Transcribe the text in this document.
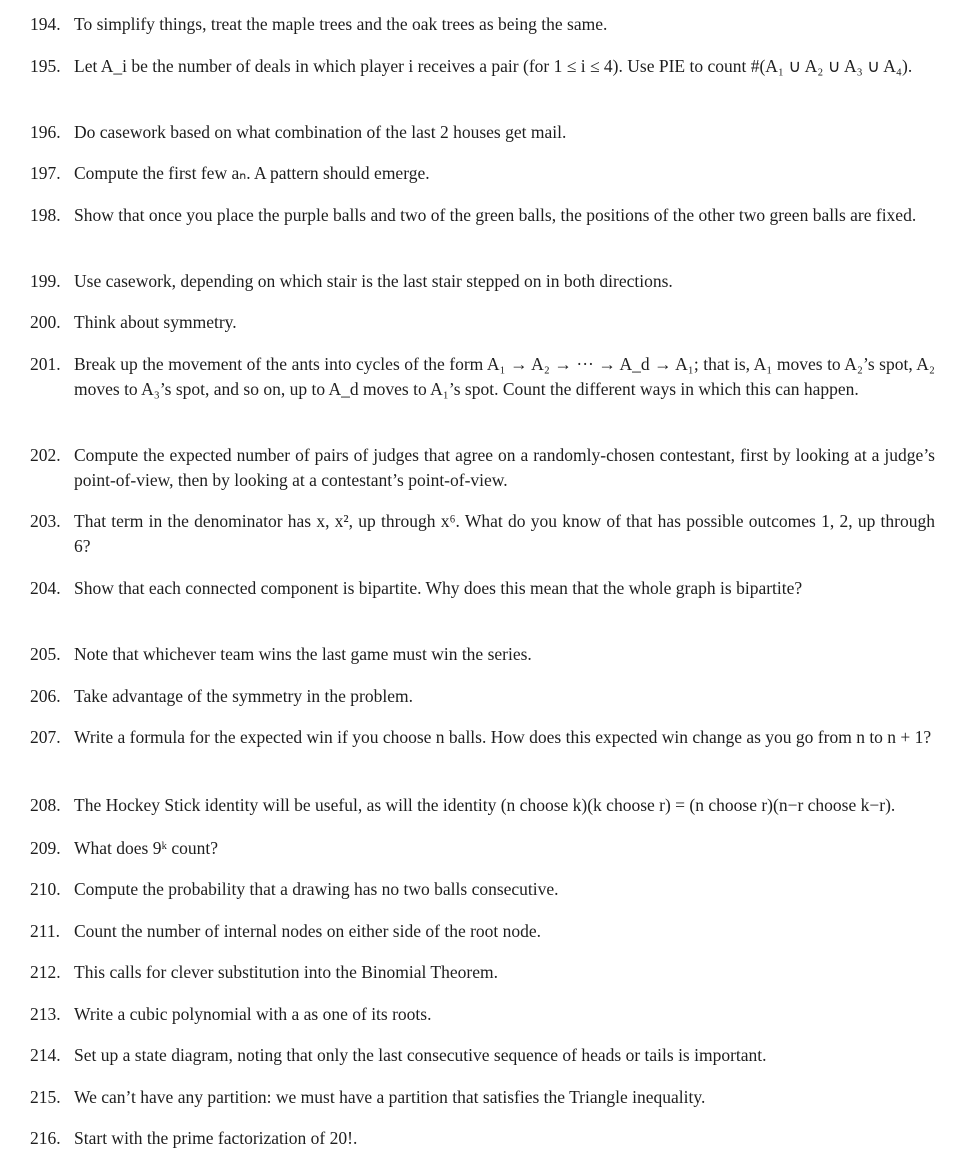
194. To simplify things, treat the maple trees and the oak trees as being the same.
195. Let A_i be the number of deals in which player i receives a pair (for 1 ≤ i ≤ 4). Use PIE to count #(A₁ ∪ A₂ ∪ A₃ ∪ A₄).
196. Do casework based on what combination of the last 2 houses get mail.
197. Compute the first few aₙ. A pattern should emerge.
198. Show that once you place the purple balls and two of the green balls, the positions of the other two green balls are fixed.
199. Use casework, depending on which stair is the last stair stepped on in both directions.
200. Think about symmetry.
201. Break up the movement of the ants into cycles of the form A₁ → A₂ → ··· → A_d → A₁; that is, A₁ moves to A₂’s spot, A₂ moves to A₃’s spot, and so on, up to A_d moves to A₁’s spot. Count the different ways in which this can happen.
202. Compute the expected number of pairs of judges that agree on a randomly-chosen contestant, first by looking at a judge’s point-of-view, then by looking at a contestant’s point-of-view.
203. That term in the denominator has x, x², up through x⁶. What do you know of that has possible outcomes 1, 2, up through 6?
204. Show that each connected component is bipartite. Why does this mean that the whole graph is bipartite?
205. Note that whichever team wins the last game must win the series.
206. Take advantage of the symmetry in the problem.
207. Write a formula for the expected win if you choose n balls. How does this expected win change as you go from n to n + 1?
208. The Hockey Stick identity will be useful, as will the identity (n choose k)(k choose r) = (n choose r)(n−r choose k−r).
209. What does 9ᵏ count?
210. Compute the probability that a drawing has no two balls consecutive.
211. Count the number of internal nodes on either side of the root node.
212. This calls for clever substitution into the Binomial Theorem.
213. Write a cubic polynomial with a as one of its roots.
214. Set up a state diagram, noting that only the last consecutive sequence of heads or tails is important.
215. We can’t have any partition: we must have a partition that satisfies the Triangle inequality.
216. Start with the prime factorization of 20!.
